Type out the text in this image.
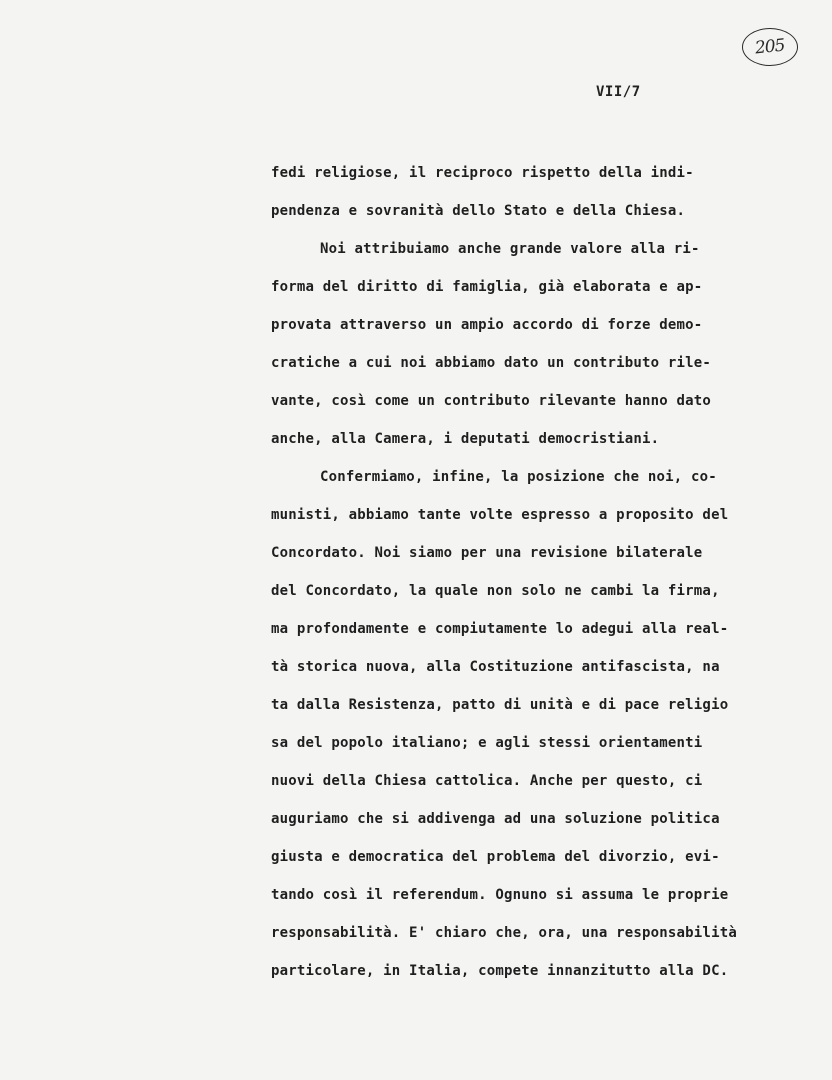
205
VII/7
fedi religiose, il reciproco rispetto della indi-
pendenza e sovranità dello Stato e della Chiesa.
Noi attribuiamo anche grande valore alla ri-
forma del diritto di famiglia, già elaborata e ap-
provata attraverso un ampio accordo di forze demo-
cratiche a cui noi abbiamo dato un contributo rile-
vante, così come un contributo rilevante hanno dato
anche, alla Camera, i deputati democristiani.
Confermiamo, infine, la posizione che noi, co-
munisti, abbiamo tante volte espresso a proposito del
Concordato. Noi siamo per una revisione bilaterale
del Concordato, la quale non solo ne cambi la firma,
ma profondamente e compiutamente lo adegui alla real-
tà storica nuova, alla Costituzione antifascista, na
ta dalla Resistenza, patto di unità e di pace religio
sa del popolo italiano; e agli stessi orientamenti
nuovi della Chiesa cattolica. Anche per questo, ci
auguriamo che si addivenga ad una soluzione politica
giusta e democratica del problema del divorzio, evi-
tando così il referendum. Ognuno si assuma le proprie
responsabilità. E' chiaro che, ora, una responsabilità
particolare, in Italia, compete innanzitutto alla DC.
